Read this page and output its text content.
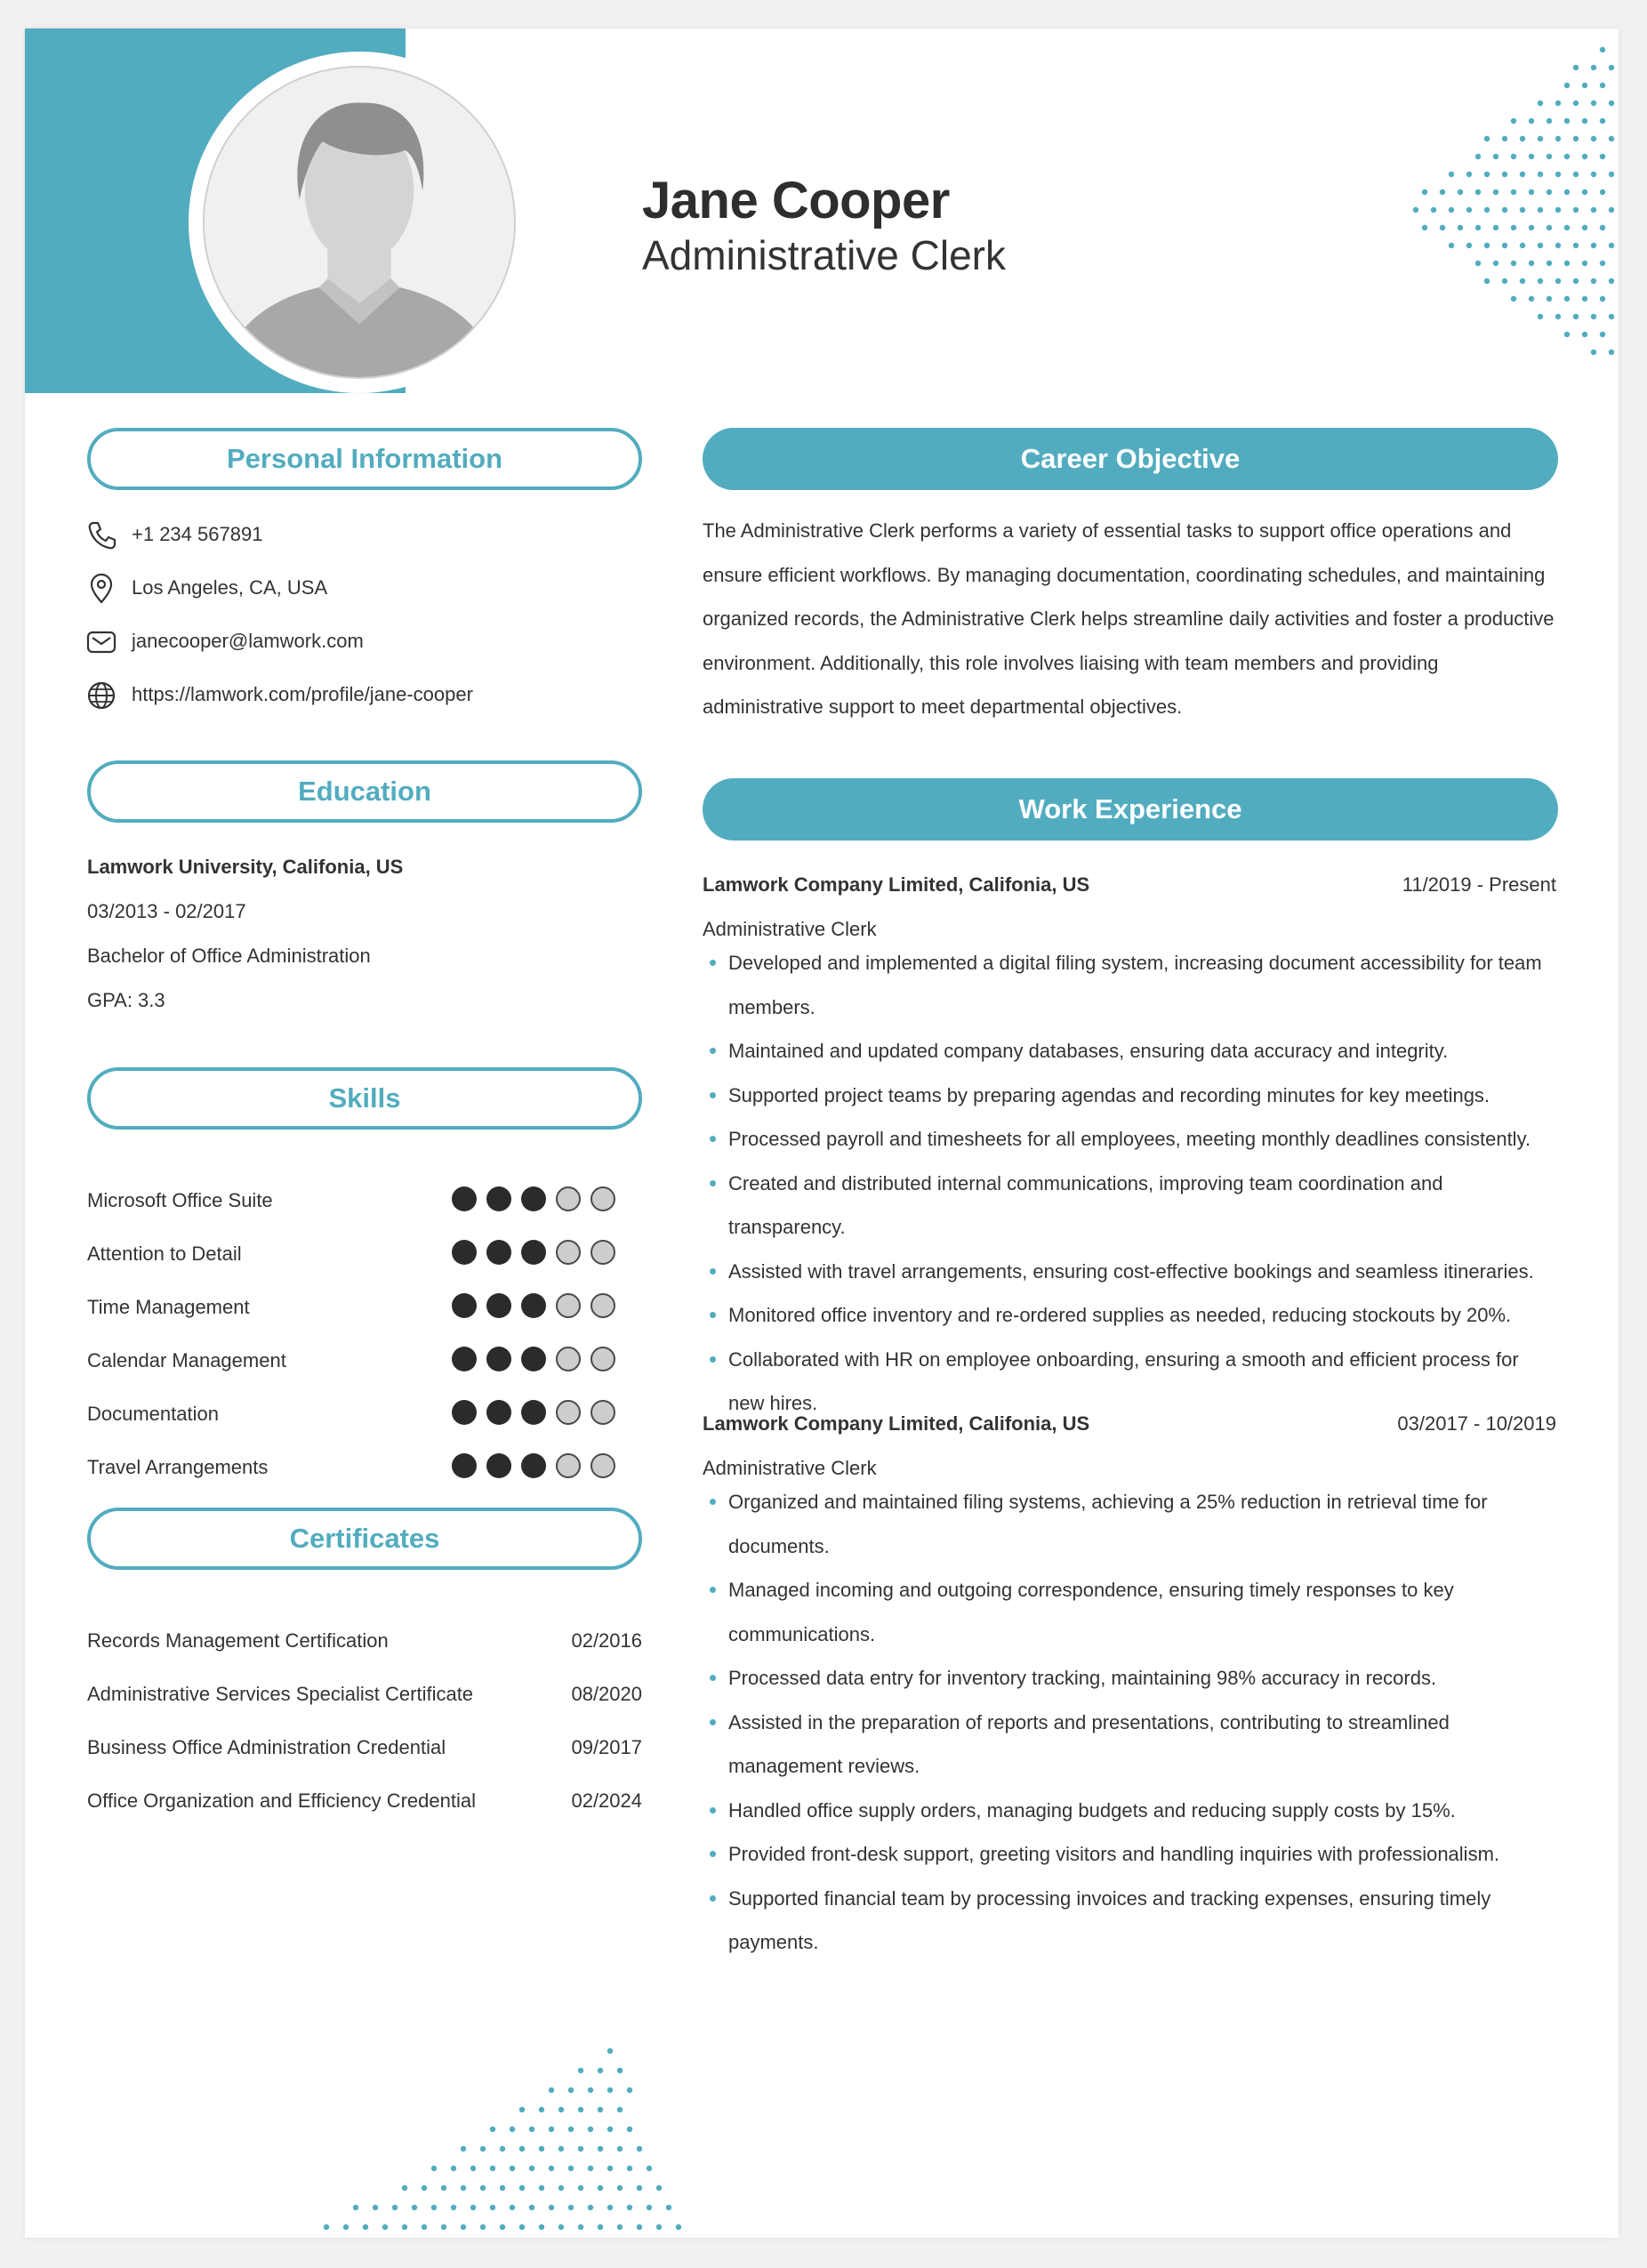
Jane Cooper
Administrative Clerk
Personal Information
+1 234 567891
Los Angeles, CA, USA
janecooper@lamwork.com
https://lamwork.com/profile/jane-cooper
Education
Lamwork University, Califonia, US
03/2013 - 02/2017
Bachelor of Office Administration
GPA: 3.3
Skills
Microsoft Office Suite
Attention to Detail
Time Management
Calendar Management
Documentation
Travel Arrangements
Certificates
Records Management Certification	02/2016
Administrative Services Specialist Certificate	08/2020
Business Office Administration Credential	09/2017
Office Organization and Efficiency Credential	02/2024
Career Objective
The Administrative Clerk performs a variety of essential tasks to support office operations and ensure efficient workflows. By managing documentation, coordinating schedules, and maintaining organized records, the Administrative Clerk helps streamline daily activities and foster a productive environment. Additionally, this role involves liaising with team members and providing administrative support to meet departmental objectives.
Work Experience
Lamwork Company Limited, Califonia, US	11/2019 - Present
Administrative Clerk
Developed and implemented a digital filing system, increasing document accessibility for team members.
Maintained and updated company databases, ensuring data accuracy and integrity.
Supported project teams by preparing agendas and recording minutes for key meetings.
Processed payroll and timesheets for all employees, meeting monthly deadlines consistently.
Created and distributed internal communications, improving team coordination and transparency.
Assisted with travel arrangements, ensuring cost-effective bookings and seamless itineraries.
Monitored office inventory and re-ordered supplies as needed, reducing stockouts by 20%.
Collaborated with HR on employee onboarding, ensuring a smooth and efficient process for new hires.
Lamwork Company Limited, Califonia, US	03/2017 - 10/2019
Administrative Clerk
Organized and maintained filing systems, achieving a 25% reduction in retrieval time for documents.
Managed incoming and outgoing correspondence, ensuring timely responses to key communications.
Processed data entry for inventory tracking, maintaining 98% accuracy in records.
Assisted in the preparation of reports and presentations, contributing to streamlined management reviews.
Handled office supply orders, managing budgets and reducing supply costs by 15%.
Provided front-desk support, greeting visitors and handling inquiries with professionalism.
Supported financial team by processing invoices and tracking expenses, ensuring timely payments.
